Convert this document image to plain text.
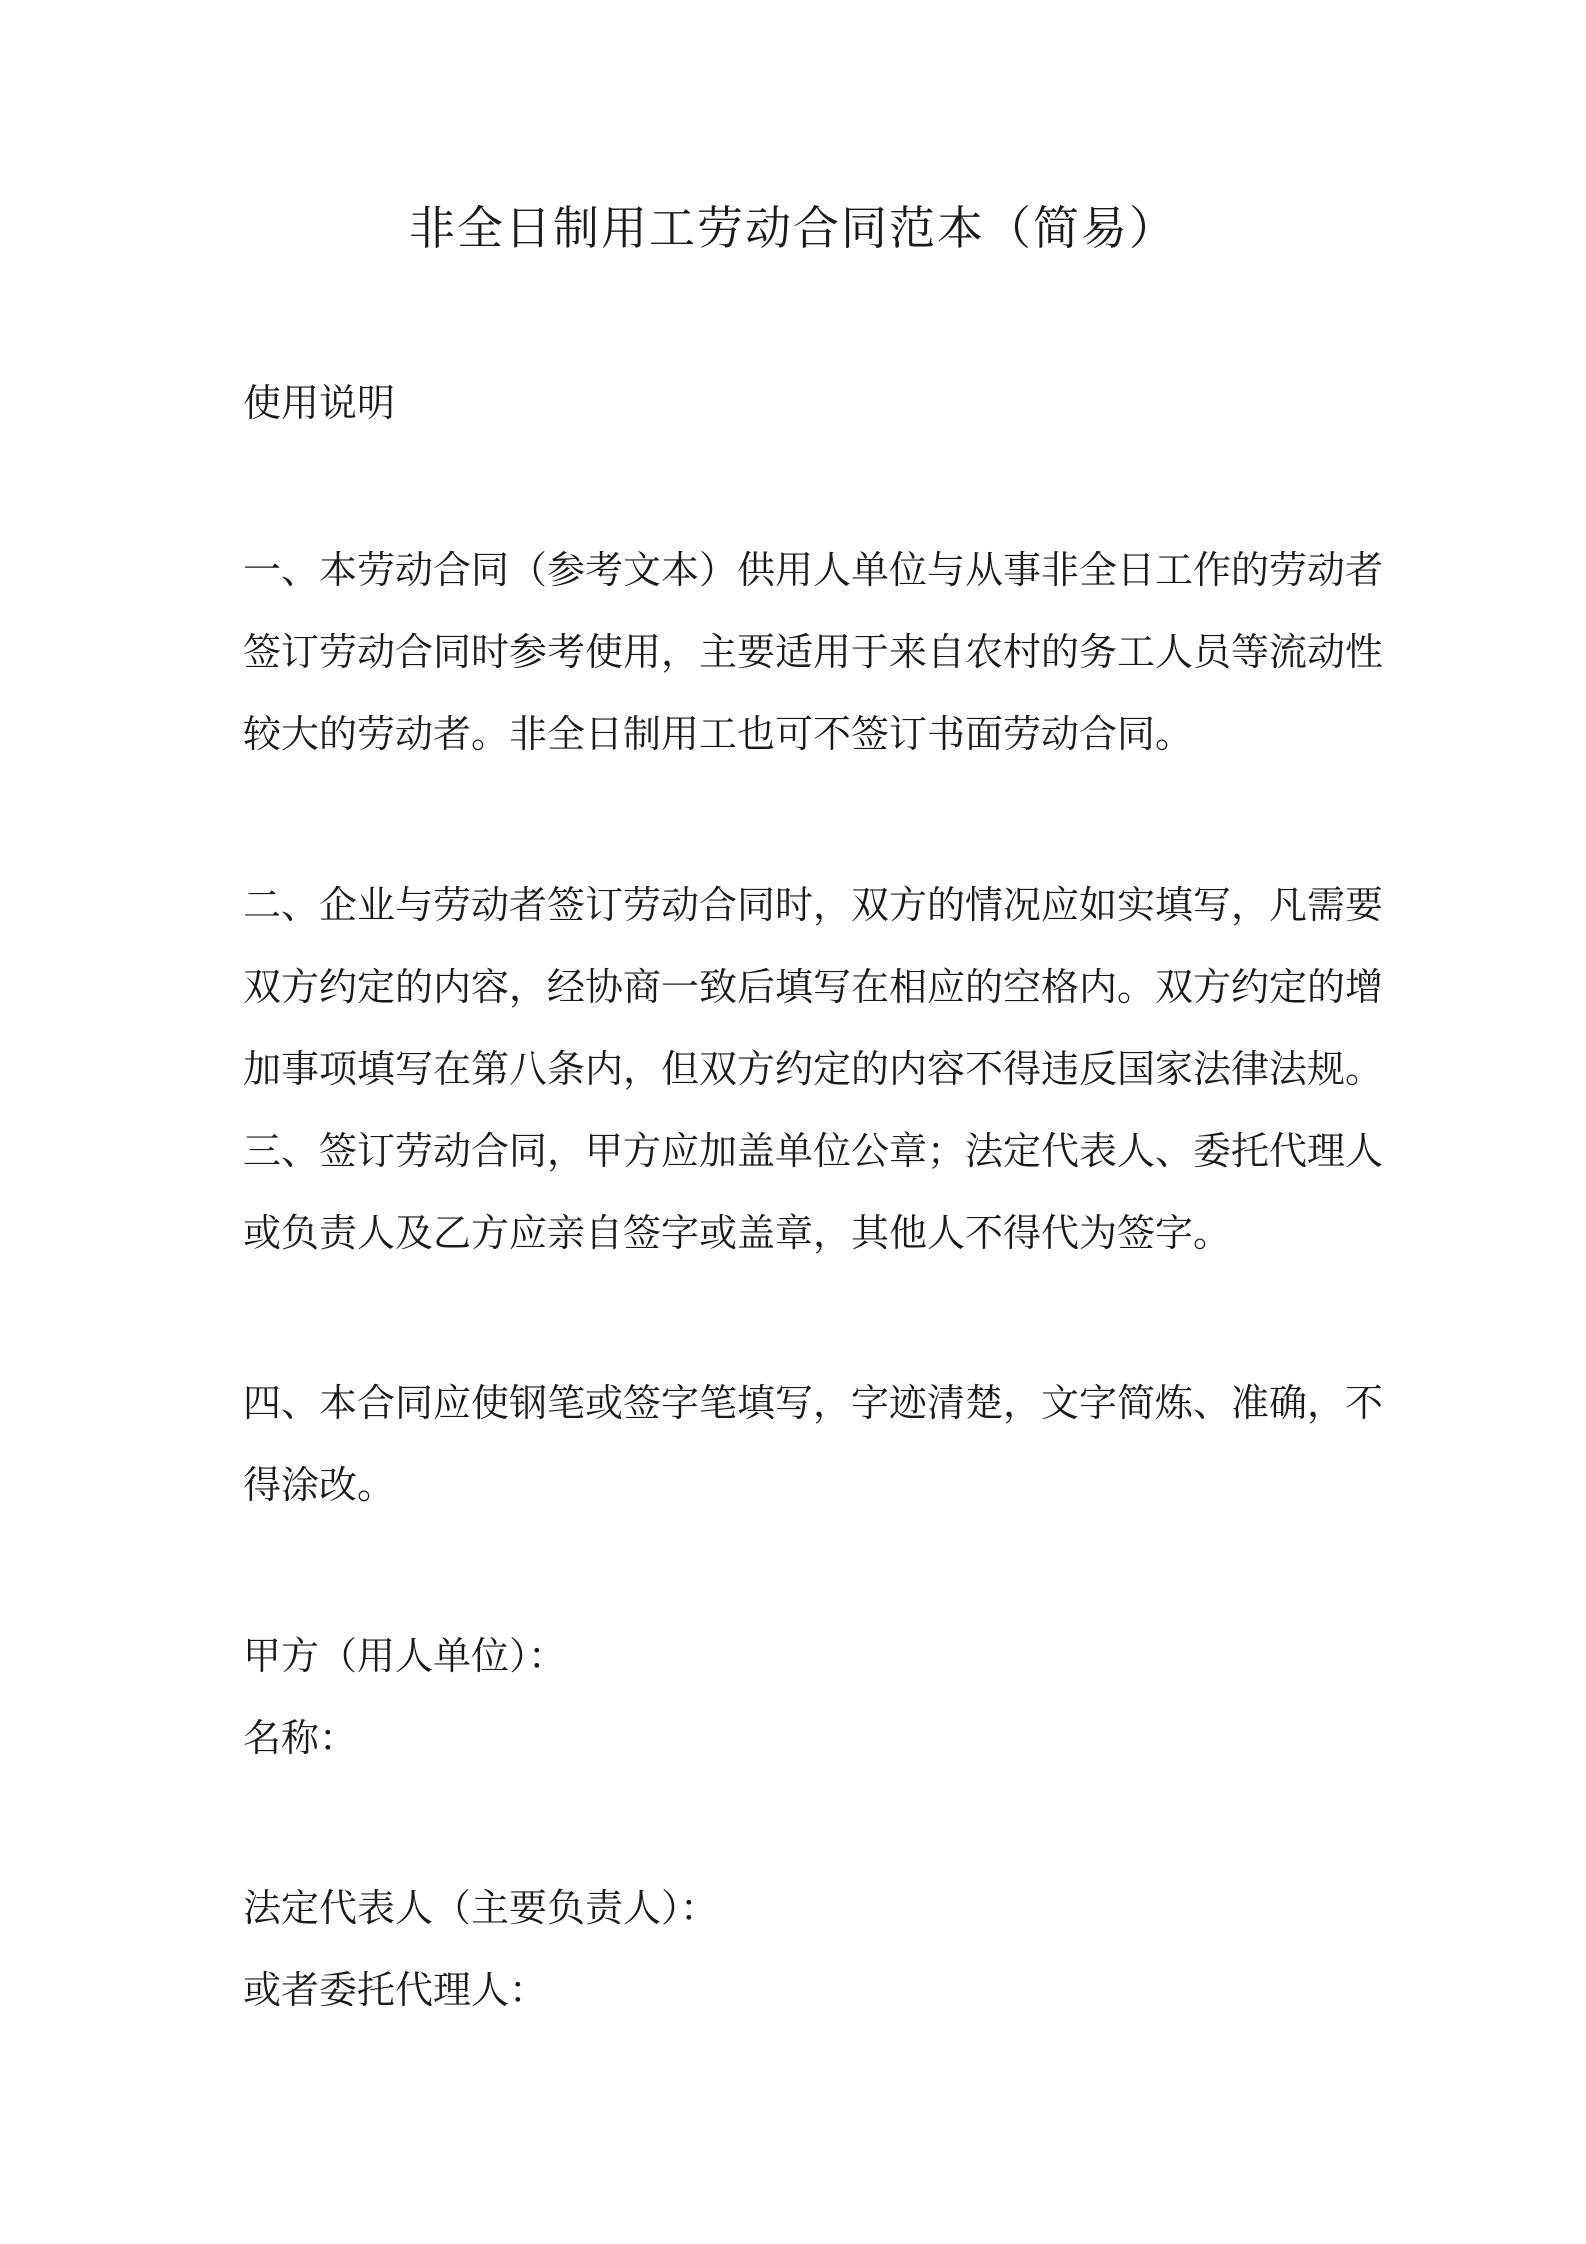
非全日制用工劳动合同范本（简易）

使用说明

一、本劳动合同（参考文本）供用人单位与从事非全日工作的劳动者

签订劳动合同时参考使用，主要适用于来自农村的务工人员等流动性

较大的劳动者。非全日制用工也可不签订书面劳动合同。

二、企业与劳动者签订劳动合同时，双方的情况应如实填写，凡需要

双方约定的内容，经协商一致后填写在相应的空格内。双方约定的增

加事项填写在第八条内，但双方约定的内容不得违反国家法律法规。

三、签订劳动合同，甲方应加盖单位公章；法定代表人、委托代理人

或负责人及乙方应亲自签字或盖章，其他人不得代为签字。

四、本合同应使钢笔或签字笔填写，字迹清楚，文字简炼、准确，不

得涂改。

甲方（用人单位）：

名称：

法定代表人（主要负责人）：

或者委托代理人：
